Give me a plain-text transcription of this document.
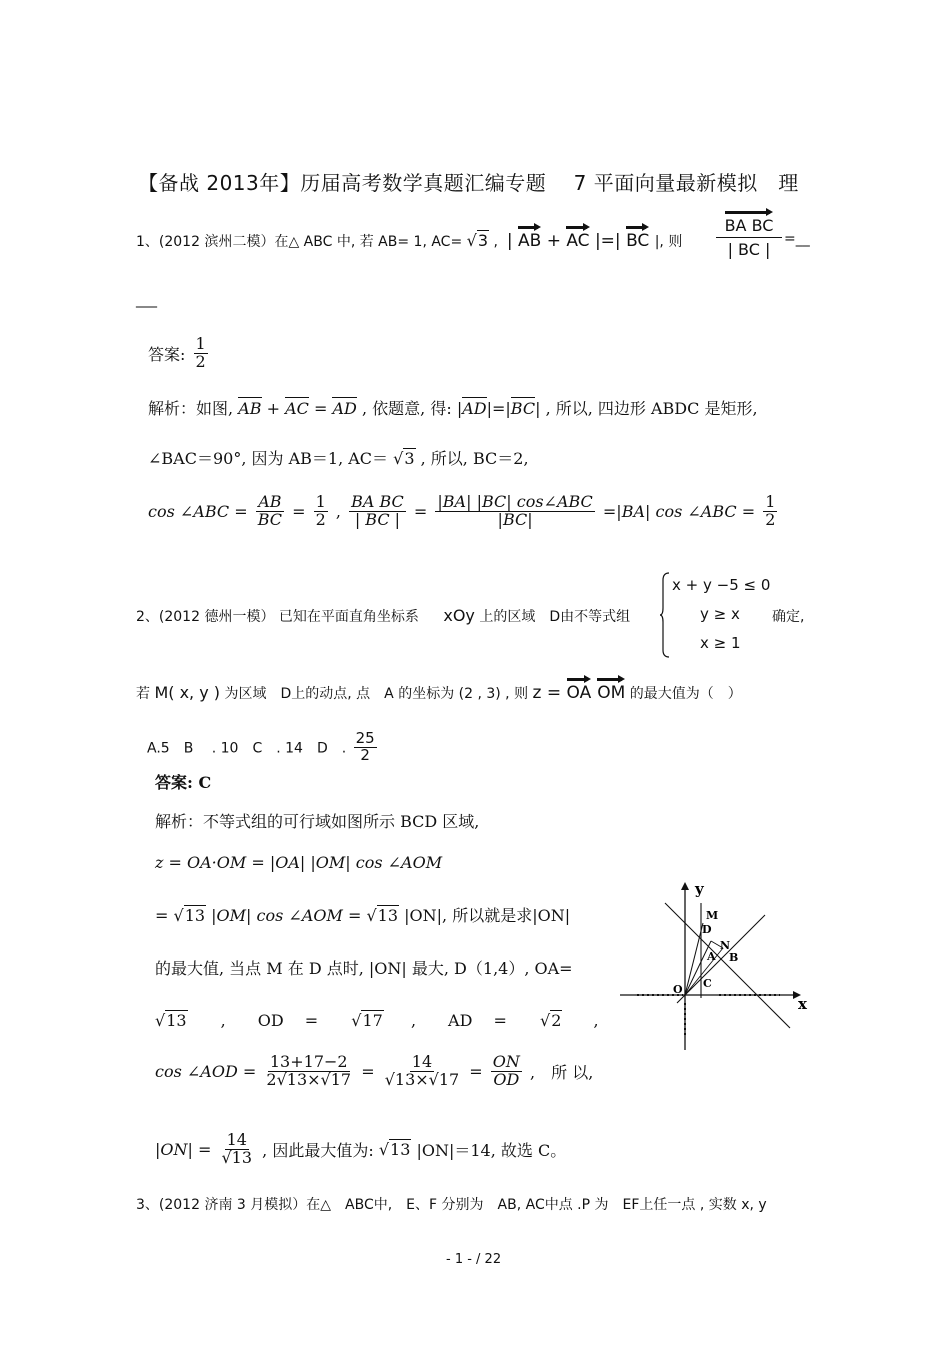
【备战 2013年】历届高考数学真题汇编专题　 7 平面向量最新模拟　理
1、(2012 滨州二模）在△ ABC 中, 若 AB= 1, AC= √3 ,  | AB + AC |=| BC |, 则
BA BC
| BC |
=__
___
答案: $\frac{1}{2}$
解析：如图, AB + AC = AD , 依题意, 得: |AD|=|BC| , 所以, 四边形 ABDC 是矩形,
∠BAC＝90°, 因为 AB＝1, AC＝ √3 , 所以, BC＝2,
cos ∠ABC = $\frac{AB}{BC} = \frac{1}{2}$ , $\frac{\text{BA BC}}{| BC |} = \frac{\text{|BA| |BC| cos∠ABC}}{|BC|} =|BA|$ cos ∠ABC = $\frac{1}{2}$
2、(2012 德州一模） 已知在平面直角坐标系 xOy 上的区域　D由不等式组
x + y −5 ≤ 0
y ≥ x
x ≥ 1
确定,
若 M( x, y ) 为区域　D上的动点, 点　A 的坐标为 (2 , 3) , 则 z = OA OM 的最大值为（　）
A.5　B　 . 10　C　. 14　D　. $\frac{25}{2}$
答案: C
解析：不等式组的可行域如图所示 BCD 区域,
z = OA·OM = |OA| |OM| cos ∠AOM
= √13 |OM| cos ∠AOM = √13 |ON|, 所以就是求|ON|
的最大值, 当点 M 在 D 点时, |ON| 最大, D（1,4）, OA=
√13 ,　　OD　 = √17 ,　　AD　 = √2 ,
cos ∠AOD = $\frac{13+17-2}{2√13\times√17} = \frac{14}{√13\times√17} = \frac{ON}{OD}$ ,　所 以,
$|ON| = \frac{14}{√13}$ , 因此最大值为: √13 |ON|＝14, 故选 C。
x
y
M
D
N
A B
C
O
3、(2012 济南 3 月模拟）在△　ABC中,　E、F 分别为　AB, AC中点 .P 为　EF上任一点 , 实数 x, y
- 1 - / 22
